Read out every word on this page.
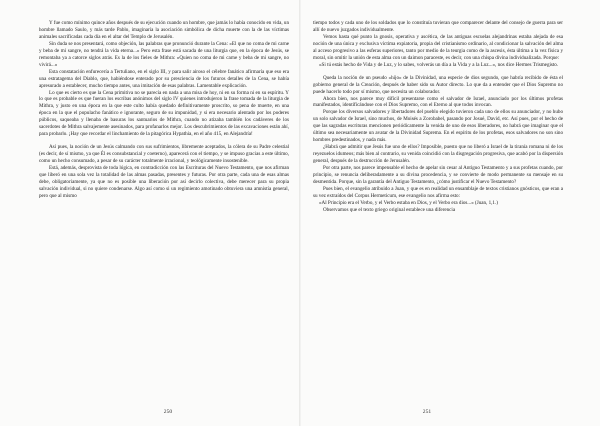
Y fue como mínimo quince años después de su ejecución cuando un hombre, que jamás lo había conocido en vida, un hombre llamado Saulo, y más tarde Pablo, imaginaría la asociación simbólica de dicha muerte con la de las víctimas animales sacrificadas cada día en el altar del Templo de Jerusalén.

Sin duda se nos presentará, como objeción, las palabras que pronunció durante la Cena: «El que no coma de mi carne y beba de mi sangre, no tendrá la vida eterna...» Pero esta frase está sacada de una liturgia que, en la época de Jesús, se remontaba ya a catorce siglos atrás. Es la de los fieles de Mithra: «Quien no coma de mi carne y beba de mi sangre, no vivirá...»

Esta constatación enfurecería a Tertuliano, en el siglo III, y para salir airoso el célebre fanático afirmaría que eso era una estratagema del Diablo, que, habiéndose enterado por su presciencia de los futuros detalles de la Cena, se había apresurado a establecer, mucho tiempo antes, una imitación de esas palabras. Lamentable explicación.

Lo que es cierto es que la Cena primitiva no se parecía en nada a una misa de hoy, ni en su forma ni en su espíritu. Y lo que es probable es que fueran los escribas anónimos del siglo IV quienes introdujeron la frase tomada de la liturgia de Mithra, y justo en una época en la que este culto había quedado definitivamente proscrito, so pena de muerte, en una época en la que el populacho fanático e ignorante, seguro de su impunidad, y si era necesario alentado por los poderes públicos, saqueaba y llenaba de basuras los santuarios de Mithra, cuando no atizaba también los cadáveres de los sacerdotes de Mithra salvajemente asesinados, para profanarlos mejor. Los descubrimientos de las excavaciones están ahí, para probarlo. ¡Hay que recordar el linchamiento de la pitagórica Hypathia, en el año 415, en Alejandría!

Así pues, la noción de un Jesús calmando con sus sufrimientos, libremente aceptados, la cólera de su Padre celestial (es decir, de sí mismo, ya que Él es consubstancial y coeterno), aparecerá con el tiempo, y se impuso gracias a este último, como un hecho consumado, a pesar de su carácter totalmente irracional, y teológicamente insostenible.

Está, además, desprovista de toda lógica, en contradicción con las Escrituras del Nuevo Testamento, que nos afirman que liberó en una sola vez la totalidad de las almas pasadas, presentes y futuras. Por otra parte, cada una de esas almas debe, obligatoriamente, ya que no es posible una liberación por así decirlo colectiva, debe merecer para su propia salvación individual, si no quiere condenarse. Algo así como si un regimiento amotinado obtuviera una amnistía general, pero que al mismo

tiempo todos y cada uno de los soldados que lo constituía tuvieran que comparecer delante del consejo de guerra para ser allí de nuevo juzgados individualmente.

Vemos hasta qué punto la gnosis, operativa y ascética, de las antiguas escuelas alejandrinas estaba alejada de esa noción de una única y exclusiva víctima expiatoria, propia del cristianismo ordinario, al condicionar la salvación del alma al acceso progresivo a las esferas superiores, tanto por medio de la teurgia como de la ascesis, ésta última a la vez física y moral, sin omitir la unión de esta alma con un daimon paraceste, es decir, con una chispa divina individualizada. Porque:

«Si tú estás hecho de Vida y de Luz, y lo sabes, volverás un día a la Vida y a la Luz...», nos dice Hermes Trismegisto.

Queda la noción de un pseudo «hijo» de la Divinidad, una especie de dios segundo, que habría recibido de ésta el gobierno general de la Creación, después de haber sido su Autor directo. Lo que da a entender que el Dios Supremo no puede hacerlo todo por sí mismo, que necesita un colaborador.

Ahora bien, nos parece muy difícil presentarse como el salvador de Israel, anunciado por los últimos profetas manifestados, identificándose con el Dios Supremo, con el Eterno al que todos invocan.

Porque los diversos salvadores y libertadores del pueblo elegido tuvieron cada uno de ellos su anunciador, y no hubo un solo salvador de Israel, sino muchos, de Moisés a Zorobabel, pasando por Josué, David, etc. Así pues, por el hecho de que las sagradas escrituras mencionen periódicamente la venida de uno de esos liberadores, no habrá que imaginar que el último sea necesariamente un avatar de la Divinidad Suprema. En el espíritu de los profetas, esos salvadores no son sino hombres predestinados, y nada más.

¿Habrá que admitir que Jesús fue uno de ellos? Imposible, puesto que no liberó a Israel de la tiranía romana ni de los reyezuelos idumeos; más bien al contrario, su venida coincidió con la disgregación progresiva, que acabó por la dispersión general, después de la destrucción de Jerusalén.

Por otra parte, nos parece impensable el hecho de apelar sin cesar al Antiguo Testamento y a sus profetas cuando, por principio, se renuncia deliberadamente a su divina procedencia, y se convierte de modo permanente su mensaje en su desmentida. Porque, sin la garantía del Antiguo Testamento, ¿cómo justificar el Nuevo Testamento?

Pues bien, el evangelio atribuido a Juan, y que es en realidad un ensamblaje de textos cristianos gnósticos, que eran a su vez extraídos del Corpus Hermeticum, ese evangelio nos afirma esto:

«Al Principio era el Verbo, y el Verbo estaba en Dios, y el Verbo era dios...» (Juan, 1,1.)

Observamos que el texto griego original establece una diferencia

250	251
